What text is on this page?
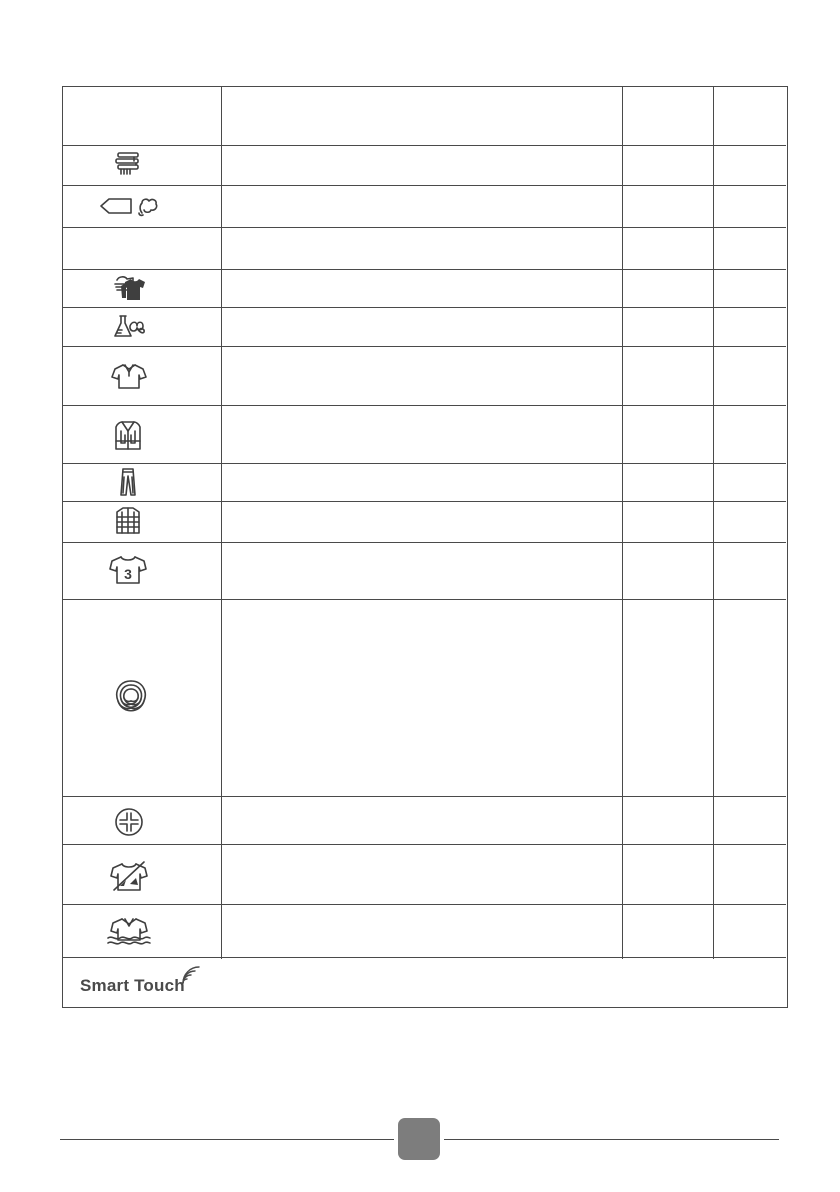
3
Smart Touch
